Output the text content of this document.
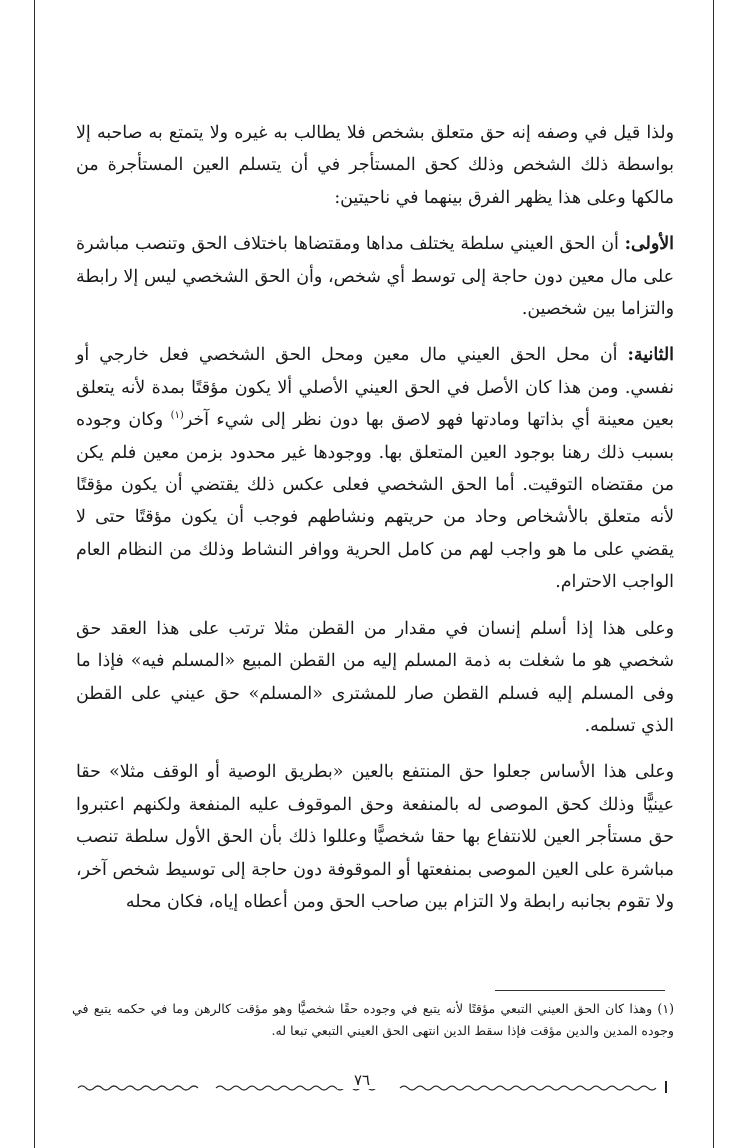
ولذا قيل في وصفه إنه حق متعلق بشخص فلا يطالب به غيره ولا يتمتع به صاحبه إلا بواسطة ذلك الشخص وذلك كحق المستأجر في أن يتسلم العين المستأجرة من مالكها وعلى هذا يظهر الفرق بينهما في ناحيتين:

الأولى: أن الحق العيني سلطة يختلف مداها ومقتضاها باختلاف الحق وتنصب مباشرة على مال معين دون حاجة إلى توسط أي شخص، وأن الحق الشخصي ليس إلا رابطة والتزاما بين شخصين.

الثانية: أن محل الحق العيني مال معين ومحل الحق الشخصي فعل خارجي أو نفسي. ومن هذا كان الأصل في الحق العيني الأصلي ألا يكون مؤقتًا بمدة لأنه يتعلق بعين معينة أي بذاتها ومادتها فهو لاصق بها دون نظر إلى شيء آخر$^{(١)}$ وكان وجوده بسبب ذلك رهنا بوجود العين المتعلق بها. ووجودها غير محدود بزمن معين فلم يكن من مقتضاه التوقيت. أما الحق الشخصي فعلى عكس ذلك يقتضي أن يكون مؤقتًا لأنه متعلق بالأشخاص وحاد من حريتهم ونشاطهم فوجب أن يكون مؤقتًا حتى لا يقضي على ما هو واجب لهم من كامل الحرية ووافر النشاط وذلك من النظام العام الواجب الاحترام.

وعلى هذا إذا أسلم إنسان في مقدار من القطن مثلا ترتب على هذا العقد حق شخصي هو ما شغلت به ذمة المسلم إليه من القطن المبيع «المسلم فيه» فإذا ما وفى المسلم إليه فسلم القطن صار للمشترى «المسلم» حق عيني على القطن الذي تسلمه.

وعلى هذا الأساس جعلوا حق المنتفع بالعين «بطريق الوصية أو الوقف مثلا» حقا عينيًّا وذلك كحق الموصى له بالمنفعة وحق الموقوف عليه المنفعة ولكنهم اعتبروا حق مستأجر العين للانتفاع بها حقا شخصيًّا وعللوا ذلك بأن الحق الأول سلطة تنصب مباشرة على العين الموصى بمنفعتها أو الموقوفة دون حاجة إلى توسيط شخص آخر، ولا تقوم بجانبه رابطة ولا التزام بين صاحب الحق ومن أعطاه إياه، فكان محله

(١) وهذا كان الحق العيني التبعي مؤقتًا لأنه يتبع في وجوده حقًا شخصيًّا وهو مؤقت كالرهن وما في حكمه يتبع في وجوده المدين والدين مؤقت فإذا سقط الدين انتهى الحق العيني التبعي تبعا له.

٧٦
